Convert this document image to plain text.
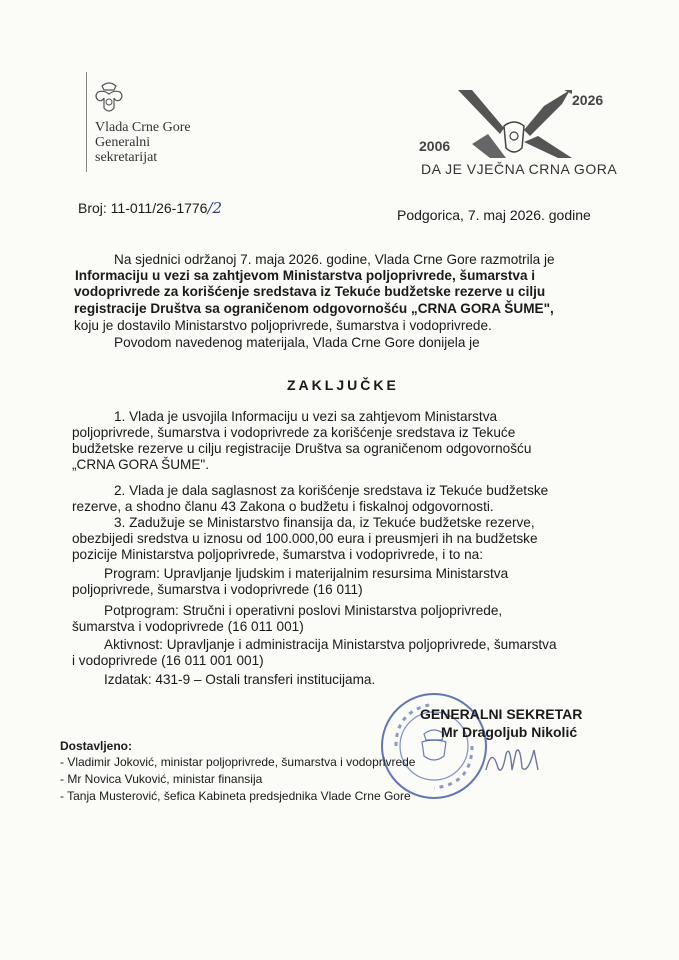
Vlada Crne Gore
Generalni
sekretarijat
2026
2006
DA JE VJEČNA CRNA GORA
Broj: 11-011/26-1776/2	Podgorica, 7. maj 2026. godine
Na sjednici održanoj 7. maja 2026. godine, Vlada Crne Gore razmotrila je
Informaciju u vezi sa zahtjevom Ministarstva poljoprivrede, šumarstva i
vodoprivrede za korišćenje sredstava iz Tekuće budžetske rezerve u cilju
registracije Društva sa ograničenom odgovornošću „CRNA GORA ŠUME",
koju je dostavilo Ministarstvo poljoprivrede, šumarstva i vodoprivrede.
Povodom navedenog materijala, Vlada Crne Gore donijela je
ZAKLJUČKE
1. Vlada je usvojila Informaciju u vezi sa zahtjevom Ministarstva
poljoprivrede, šumarstva i vodoprivrede za korišćenje sredstava iz Tekuće
budžetske rezerve u cilju registracije Društva sa ograničenom odgovornošću
„CRNA GORA ŠUME".
2. Vlada je dala saglasnost za korišćenje sredstava iz Tekuće budžetske
rezerve, a shodno članu 43 Zakona o budžetu i fiskalnoj odgovornosti.
3. Zadužuje se Ministarstvo finansija da, iz Tekuće budžetske rezerve,
obezbijedi sredstva u iznosu od 100.000,00 eura i preusmjeri ih na budžetske
pozicije Ministarstva poljoprivrede, šumarstva i vodoprivrede, i to na:
Program: Upravljanje ljudskim i materijalnim resursima Ministarstva
poljoprivrede, šumarstva i vodoprivrede (16 011)
Potprogram: Stručni i operativni poslovi Ministarstva poljoprivrede,
šumarstva i vodoprivrede (16 011 001)
Aktivnost: Upravljanje i administracija Ministarstva poljoprivrede, šumarstva
i vodoprivrede (16 011 001 001)
Izdatak: 431-9 – Ostali transferi institucijama.
GENERALNI SEKRETAR
Mr Dragoljub Nikolić
Dostavljeno:
- Vladimir Joković, ministar poljoprivrede, šumarstva i vodoprivrede
- Mr Novica Vuković, ministar finansija
- Tanja Musterović, šefica Kabineta predsjednika Vlade Crne Gore
